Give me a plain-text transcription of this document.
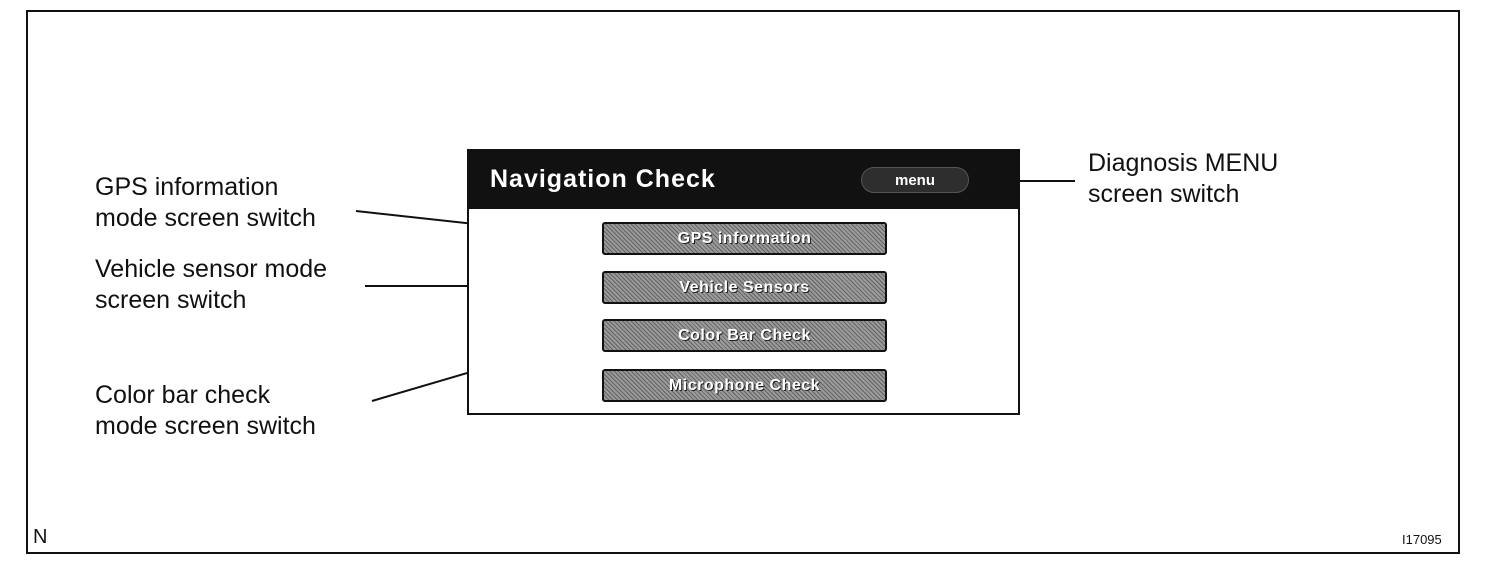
GPS information
mode screen switch
Vehicle sensor mode
screen switch
Color bar check
mode screen switch
Diagnosis MENU
screen switch
Navigation Check	menu
GPS information
Vehicle Sensors
Color Bar Check
Microphone Check
N	I17095
